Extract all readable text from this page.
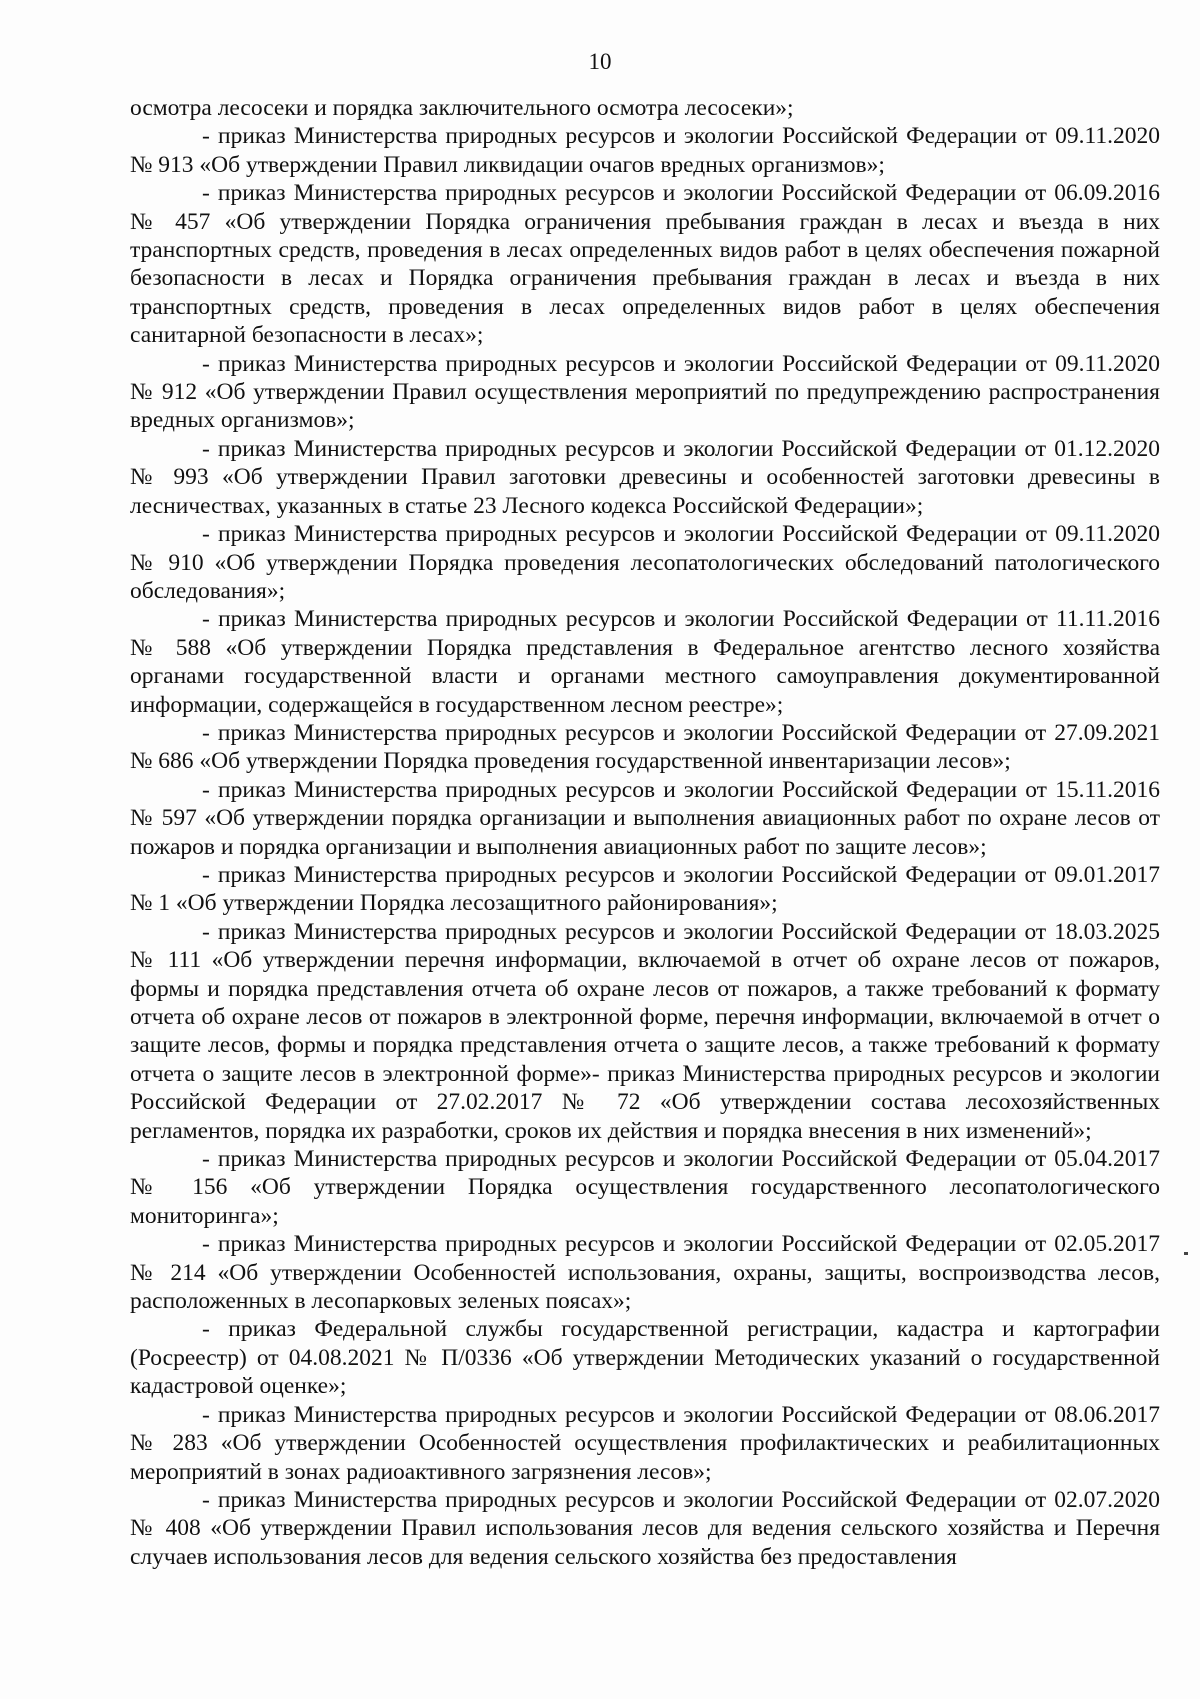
10

осмотра лесосеки и порядка заключительного осмотра лесосеки»;

- приказ Министерства природных ресурсов и экологии Российской Федерации от 09.11.2020 № 913 «Об утверждении Правил ликвидации очагов вредных организмов»;

- приказ Министерства природных ресурсов и экологии Российской Федерации от 06.09.2016 № 457 «Об утверждении Порядка ограничения пребывания граждан в лесах и въезда в них транспортных средств, проведения в лесах определенных видов работ в целях обеспечения пожарной безопасности в лесах и Порядка ограничения пребывания граждан в лесах и въезда в них транспортных средств, проведения в лесах определенных видов работ в целях обеспечения санитарной безопасности в лесах»;

- приказ Министерства природных ресурсов и экологии Российской Федерации от 09.11.2020 № 912 «Об утверждении Правил осуществления мероприятий по предупреждению распространения вредных организмов»;

- приказ Министерства природных ресурсов и экологии Российской Федерации от 01.12.2020 № 993 «Об утверждении Правил заготовки древесины и особенностей заготовки древесины в лесничествах, указанных в статье 23 Лесного кодекса Российской Федерации»;

- приказ Министерства природных ресурсов и экологии Российской Федерации от 09.11.2020 № 910 «Об утверждении Порядка проведения лесопатологических обследований патологического обследования»;

- приказ Министерства природных ресурсов и экологии Российской Федерации от 11.11.2016 № 588 «Об утверждении Порядка представления в Федеральное агентство лесного хозяйства органами государственной власти и органами местного самоуправления документированной информации, содержащейся в государственном лесном реестре»;

- приказ Министерства природных ресурсов и экологии Российской Федерации от 27.09.2021 № 686 «Об утверждении Порядка проведения государственной инвентаризации лесов»;

- приказ Министерства природных ресурсов и экологии Российской Федерации от 15.11.2016 № 597 «Об утверждении порядка организации и выполнения авиационных работ по охране лесов от пожаров и порядка организации и выполнения авиационных работ по защите лесов»;

- приказ Министерства природных ресурсов и экологии Российской Федерации от 09.01.2017 № 1 «Об утверждении Порядка лесозащитного районирования»;

- приказ Министерства природных ресурсов и экологии Российской Федерации от 18.03.2025 № 111 «Об утверждении перечня информации, включаемой в отчет об охране лесов от пожаров, формы и порядка представления отчета об охране лесов от пожаров, а также требований к формату отчета об охране лесов от пожаров в электронной форме, перечня информации, включаемой в отчет о защите лесов, формы и порядка представления отчета о защите лесов, а также требований к формату отчета о защите лесов в электронной форме»- приказ Министерства природных ресурсов и экологии Российской Федерации от 27.02.2017 № 72 «Об утверждении состава лесохозяйственных регламентов, порядка их разработки, сроков их действия и порядка внесения в них изменений»;

- приказ Министерства природных ресурсов и экологии Российской Федерации от 05.04.2017 № 156 «Об утверждении Порядка осуществления государственного лесопатологического мониторинга»;

- приказ Министерства природных ресурсов и экологии Российской Федерации от 02.05.2017 № 214 «Об утверждении Особенностей использования, охраны, защиты, воспроизводства лесов, расположенных в лесопарковых зеленых поясах»;

- приказ Федеральной службы государственной регистрации, кадастра и картографии (Росреестр) от 04.08.2021 № П/0336 «Об утверждении Методических указаний о государственной кадастровой оценке»;

- приказ Министерства природных ресурсов и экологии Российской Федерации от 08.06.2017 № 283 «Об утверждении Особенностей осуществления профилактических и реабилитационных мероприятий в зонах радиоактивного загрязнения лесов»;

- приказ Министерства природных ресурсов и экологии Российской Федерации от 02.07.2020 № 408 «Об утверждении Правил использования лесов для ведения сельского хозяйства и Перечня случаев использования лесов для ведения сельского хозяйства без предоставления
